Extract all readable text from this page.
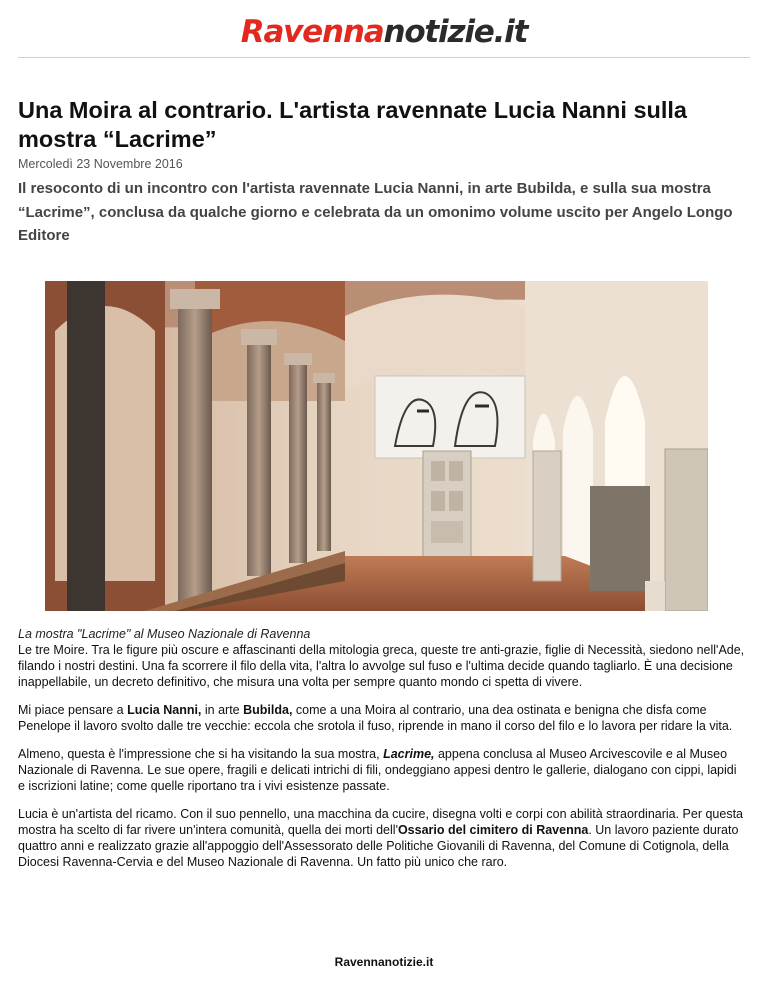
Ravennanotizie.it
Una Moira al contrario. L'artista ravennate Lucia Nanni sulla mostra “Lacrime”
Mercoledì 23 Novembre 2016
Il resoconto di un incontro con l'artista ravennate Lucia Nanni, in arte Bubilda, e sulla sua mostra “Lacrime”, conclusa da qualche giorno e celebrata da un omonimo volume uscito per Angelo Longo Editore
La mostra "Lacrime" al Museo Nazionale di Ravenna

Le tre Moire. Tra le figure più oscure e affascinanti della mitologia greca, queste tre anti-grazie, figlie di Necessità, siedono nell'Ade, filando i nostri destini. Una fa scorrere il filo della vita, l'altra lo avvolge sul fuso e l'ultima decide quando tagliarlo. È una decisione inappellabile, un decreto definitivo, che misura una volta per sempre quanto mondo ci spetta di vivere.

Mi piace pensare a Lucia Nanni, in arte Bubilda, come a una Moira al contrario, una dea ostinata e benigna che disfa come Penelope il lavoro svolto dalle tre vecchie: eccola che srotola il fuso, riprende in mano il corso del filo e lo lavora per ridare la vita.

Almeno, questa è l'impressione che si ha visitando la sua mostra, Lacrime, appena conclusa al Museo Arcivescovile e al Museo Nazionale di Ravenna. Le sue opere, fragili e delicati intrichi di fili, ondeggiano appesi dentro le gallerie, dialogano con cippi, lapidi e iscrizioni latine; come quelle riportano tra i vivi esistenze passate.

Lucia è un'artista del ricamo. Con il suo pennello, una macchina da cucire, disegna volti e corpi con abilità straordinaria. Per questa mostra ha scelto di far rivere un'intera comunità, quella dei morti dell'Ossario del cimitero di Ravenna. Un lavoro paziente durato quattro anni e realizzato grazie all'appoggio dell'Assessorato delle Politiche Giovanili di Ravenna, del Comune di Cotignola, della Diocesi Ravenna-Cervia e del Museo Nazionale di Ravenna. Un fatto più unico che raro.

Ravennanotizie.it
